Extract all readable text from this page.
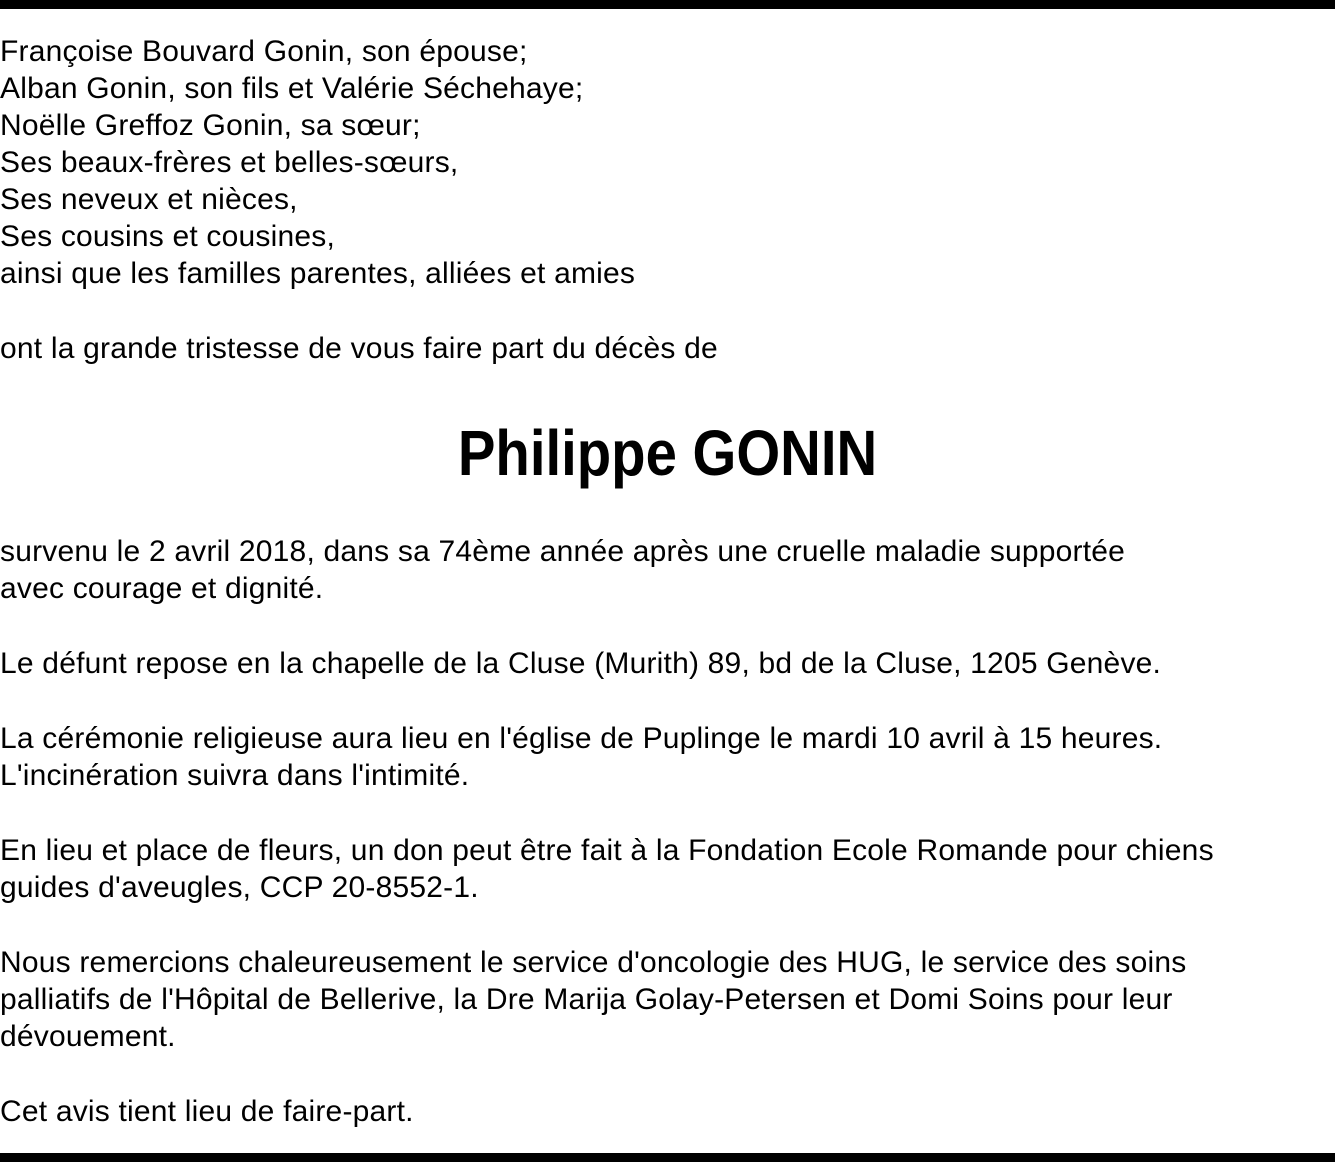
Françoise Bouvard Gonin, son épouse;
Alban Gonin, son fils et Valérie Séchehaye;
Noëlle Greffoz Gonin, sa sœur;
Ses beaux-frères et belles-sœurs,
Ses neveux et nièces,
Ses cousins et cousines,
ainsi que les familles parentes, alliées et amies
ont la grande tristesse de vous faire part du décès de
Philippe GONIN
survenu le 2 avril 2018, dans sa 74ème année après une cruelle maladie supportée
avec courage et dignité.
Le défunt repose en la chapelle de la Cluse (Murith) 89, bd de la Cluse, 1205 Genève.
La cérémonie religieuse aura lieu en l'église de Puplinge le mardi 10 avril à 15 heures.
L'incinération suivra dans l'intimité.
En lieu et place de fleurs, un don peut être fait à la Fondation Ecole Romande pour chiens
guides d'aveugles, CCP 20-8552-1.
Nous remercions chaleureusement le service d'oncologie des HUG, le service des soins
palliatifs de l'Hôpital de Bellerive, la Dre Marija Golay-Petersen et Domi Soins pour leur
dévouement.
Cet avis tient lieu de faire-part.
